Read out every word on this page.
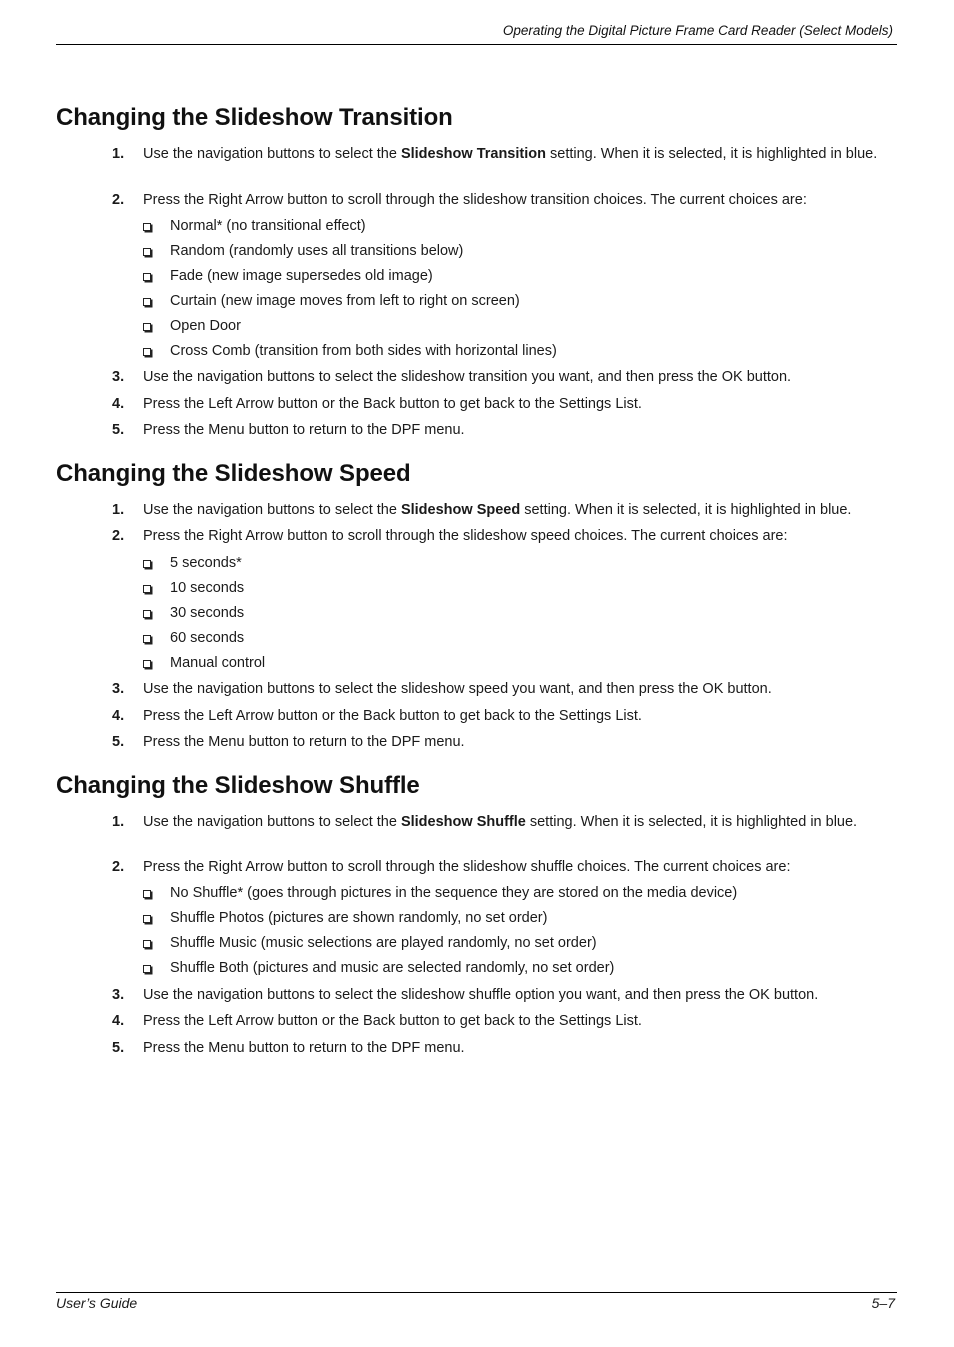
Operating the Digital Picture Frame Card Reader (Select Models)
Changing the Slideshow Transition
1.	Use the navigation buttons to select the Slideshow Transition setting. When it is selected, it is highlighted in blue.
2.	Press the Right Arrow button to scroll through the slideshow transition choices. The current choices are:
Normal* (no transitional effect)
Random (randomly uses all transitions below)
Fade (new image supersedes old image)
Curtain (new image moves from left to right on screen)
Open Door
Cross Comb (transition from both sides with horizontal lines)
3.	Use the navigation buttons to select the slideshow transition you want, and then press the OK button.
4.	Press the Left Arrow button or the Back button to get back to the Settings List.
5.	Press the Menu button to return to the DPF menu.
Changing the Slideshow Speed
1.	Use the navigation buttons to select the Slideshow Speed setting. When it is selected, it is highlighted in blue.
2.	Press the Right Arrow button to scroll through the slideshow speed choices. The current choices are:
5 seconds*
10 seconds
30 seconds
60 seconds
Manual control
3.	Use the navigation buttons to select the slideshow speed you want, and then press the OK button.
4.	Press the Left Arrow button or the Back button to get back to the Settings List.
5.	Press the Menu button to return to the DPF menu.
Changing the Slideshow Shuffle
1.	Use the navigation buttons to select the Slideshow Shuffle setting. When it is selected, it is highlighted in blue.
2.	Press the Right Arrow button to scroll through the slideshow shuffle choices. The current choices are:
No Shuffle* (goes through pictures in the sequence they are stored on the media device)
Shuffle Photos (pictures are shown randomly, no set order)
Shuffle Music (music selections are played randomly, no set order)
Shuffle Both (pictures and music are selected randomly, no set order)
3.	Use the navigation buttons to select the slideshow shuffle option you want, and then press the OK button.
4.	Press the Left Arrow button or the Back button to get back to the Settings List.
5.	Press the Menu button to return to the DPF menu.
User’s Guide	5–7
